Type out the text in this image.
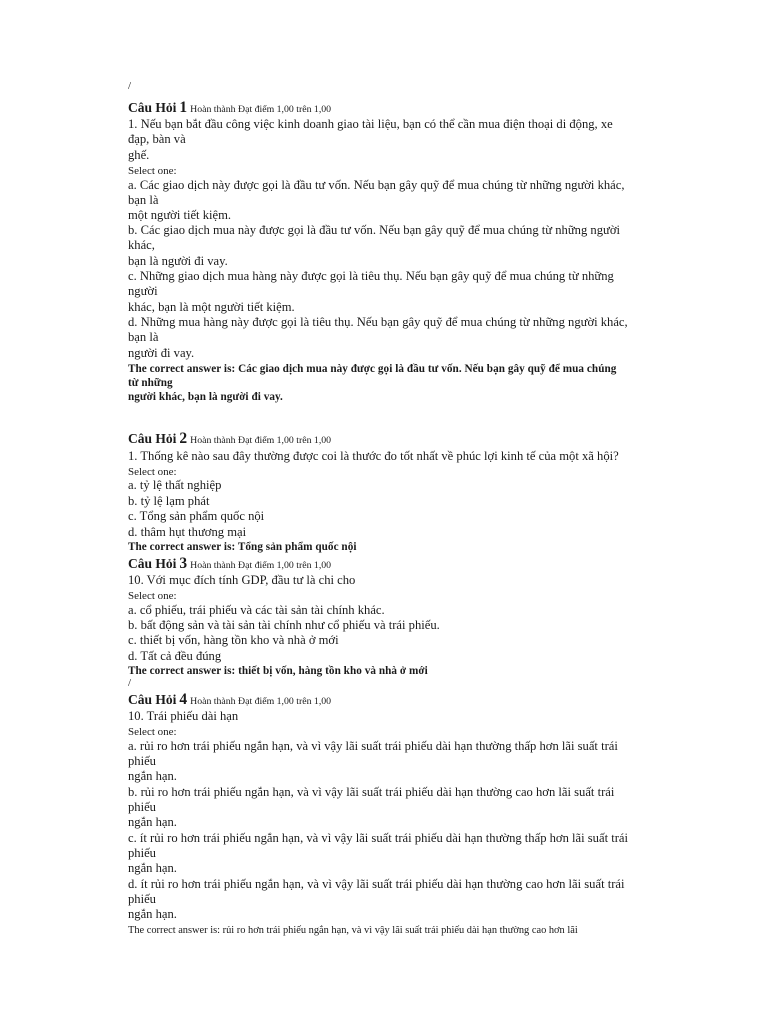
/
Câu Hỏi 1 Hoàn thành Đạt điểm 1,00 trên 1,00
1. Nếu bạn bắt đầu công việc kinh doanh giao tài liệu, bạn có thể cần mua điện thoại di động, xe
đạp, bàn và
ghế.
Select one:
a. Các giao dịch này được gọi là đầu tư vốn. Nếu bạn gây quỹ để mua chúng từ những người khác,
bạn là
một người tiết kiệm.
b. Các giao dịch mua này được gọi là đầu tư vốn. Nếu bạn gây quỹ để mua chúng từ những người
khác,
bạn là người đi vay.
c. Những giao dịch mua hàng này được gọi là tiêu thụ. Nếu bạn gây quỹ để mua chúng từ những
người
khác, bạn là một người tiết kiệm.
d. Những mua hàng này được gọi là tiêu thụ. Nếu bạn gây quỹ để mua chúng từ những người khác,
bạn là
người đi vay.
The correct answer is: Các giao dịch mua này được gọi là đầu tư vốn. Nếu bạn gây quỹ để mua chúng
từ những
người khác, bạn là người đi vay.
Câu Hỏi 2 Hoàn thành Đạt điểm 1,00 trên 1,00
1. Thống kê nào sau đây thường được coi là thước đo tốt nhất về phúc lợi kinh tế của một xã hội?
Select one:
a. tỷ lệ thất nghiệp
b. tỷ lệ lạm phát
c. Tổng sản phẩm quốc nội
d. thâm hụt thương mại
The correct answer is: Tổng sản phẩm quốc nội
Câu Hỏi 3 Hoàn thành Đạt điểm 1,00 trên 1,00
10. Với mục đích tính GDP, đầu tư là chi cho
Select one:
a. cổ phiếu, trái phiếu và các tài sản tài chính khác.
b. bất động sản và tài sản tài chính như cổ phiếu và trái phiếu.
c. thiết bị vốn, hàng tồn kho và nhà ở mới
d. Tất cả đều đúng
The correct answer is: thiết bị vốn, hàng tồn kho và nhà ở mới
/
Câu Hỏi 4 Hoàn thành Đạt điểm 1,00 trên 1,00
10. Trái phiếu dài hạn
Select one:
a. rủi ro hơn trái phiếu ngắn hạn, và vì vậy lãi suất trái phiếu dài hạn thường thấp hơn lãi suất trái
phiếu
ngắn hạn.
b. rủi ro hơn trái phiếu ngắn hạn, và vì vậy lãi suất trái phiếu dài hạn thường cao hơn lãi suất trái
phiếu
ngắn hạn.
c. ít rủi ro hơn trái phiếu ngắn hạn, và vì vậy lãi suất trái phiếu dài hạn thường thấp hơn lãi suất trái
phiếu
ngắn hạn.
d. ít rủi ro hơn trái phiếu ngắn hạn, và vì vậy lãi suất trái phiếu dài hạn thường cao hơn lãi suất trái
phiếu
ngắn hạn.
The correct answer is: rủi ro hơn trái phiếu ngắn hạn, và vì vậy lãi suất trái phiếu dài hạn thường cao hơn lãi
